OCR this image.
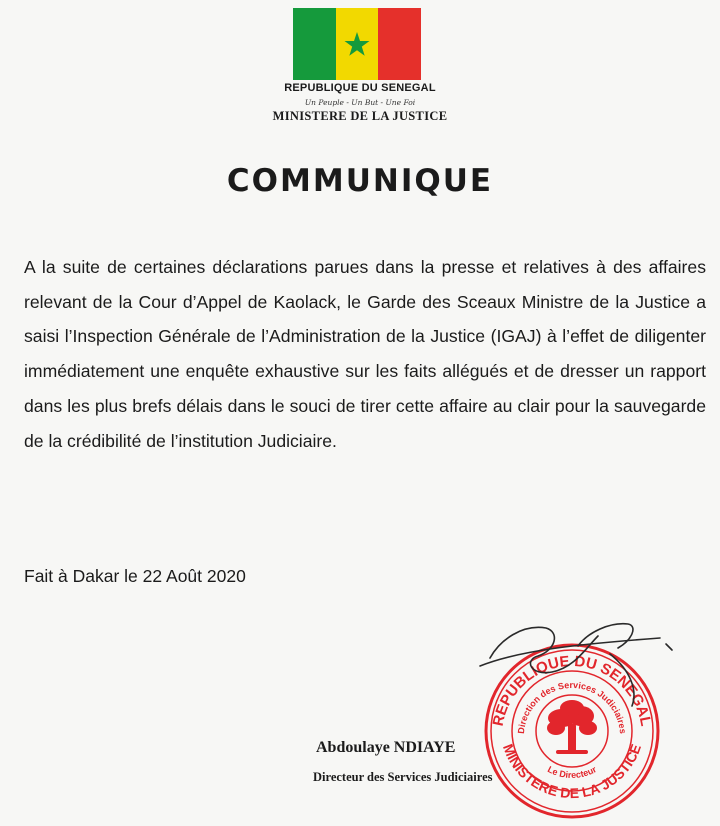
REPUBLIQUE DU SENEGAL
Un Peuple - Un But - Une Foi
MINISTERE DE LA JUSTICE
COMMUNIQUE
A la suite de certaines déclarations parues dans la presse et relatives à des affaires relevant de la Cour d’Appel de Kaolack, le Garde des Sceaux Ministre de la Justice a saisi l’Inspection Générale de l’Administration de la Justice (IGAJ) à l’effet de diligenter immédiatement une enquête exhaustive sur les faits allégués et de dresser un rapport dans les plus brefs délais dans le souci de tirer cette affaire au clair pour la sauvegarde de la crédibilité de l’institution Judiciaire.
Fait à Dakar le 22 Août 2020
REPUBLIQUE DU SENEGAL
MINISTERE DE LA JUSTICE
Direction des Services Judiciaires
Le Directeur
Abdoulaye NDIAYE
Directeur des Services Judiciaires
